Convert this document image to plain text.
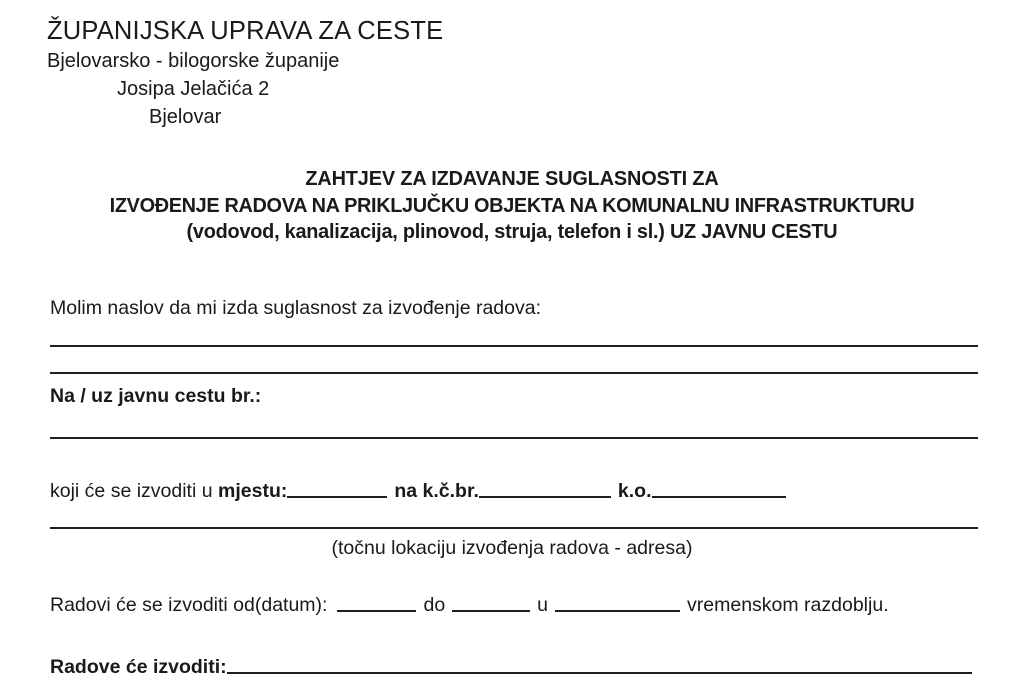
ŽUPANIJSKA UPRAVA ZA CESTE
Bjelovarsko - bilogorske županije
Josipa Jelačića 2
Bjelovar
ZAHTJEV ZA IZDAVANJE SUGLASNOSTI ZA
IZVOĐENJE RADOVA NA PRIKLJUČKU OBJEKTA NA KOMUNALNU INFRASTRUKTURU
(vodovod, kanalizacija, plinovod, struja, telefon i sl.) UZ JAVNU CESTU
Molim naslov da mi izda suglasnost za izvođenje radova:
Na / uz javnu cestu br.:
koji će se izvoditi u mjestu:	na k.č.br.	k.o.
(točnu lokaciju izvođenja radova - adresa)
Radovi će se izvoditi od(datum):	do	u	vremenskom razdoblju.
Radove će izvoditi:
